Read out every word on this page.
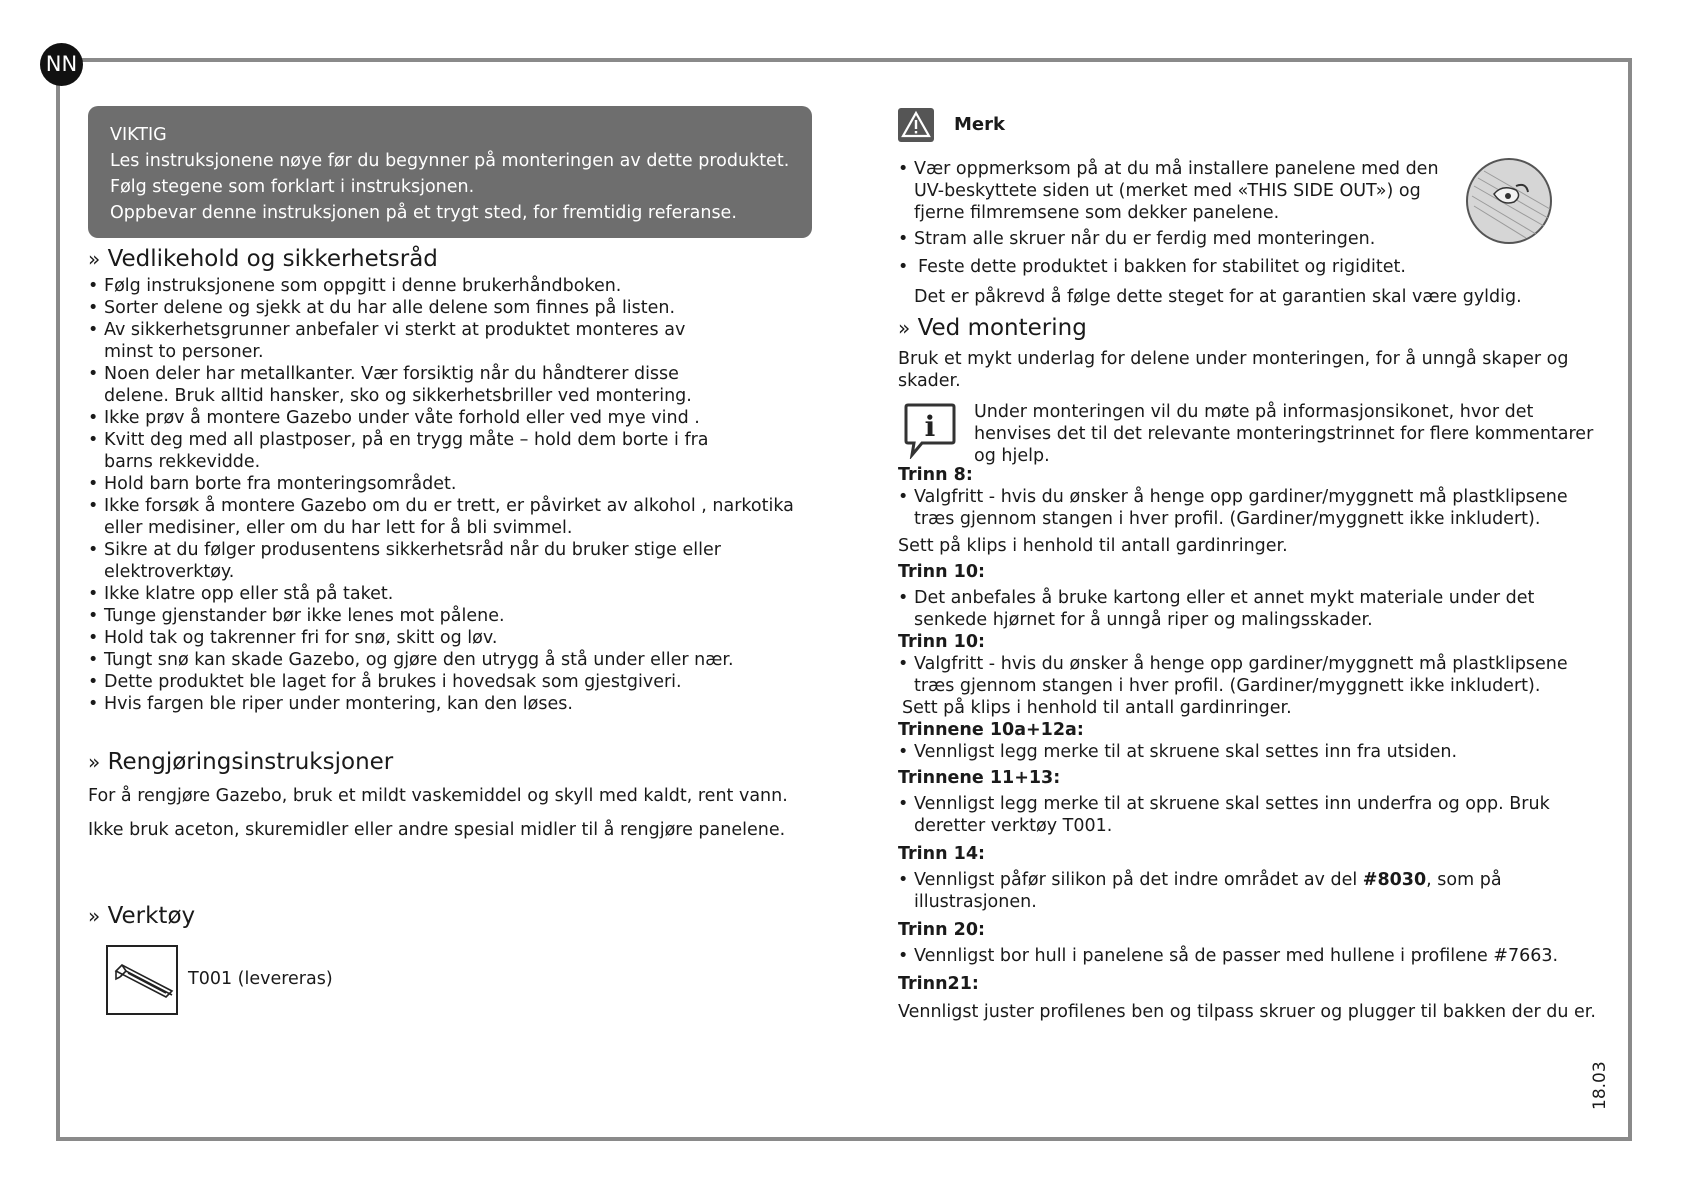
NN
VIKTIG
Les instruksjonene nøye før du begynner på monteringen av dette produktet.
Følg stegene som forklart i instruksjonen.
Oppbevar denne instruksjonen på et trygt sted, for fremtidig referanse.
» Vedlikehold og sikkerhetsråd
• Følg instruksjonene som oppgitt i denne brukerhåndboken.
• Sorter delene og sjekk at du har alle delene som finnes på listen.
• Av sikkerhetsgrunner anbefaler vi sterkt at produktet monteres av minst to personer.
• Noen deler har metallkanter. Vær forsiktig når du håndterer disse delene. Bruk alltid hansker, sko og sikkerhetsbriller ved montering.
• Ikke prøv å montere Gazebo under våte forhold eller ved mye vind .
• Kvitt deg med all plastposer, på en trygg måte – hold dem borte i fra barns rekkevidde.
• Hold barn borte fra monteringsområdet.
• Ikke forsøk å montere Gazebo om du er trett, er påvirket av alkohol , narkotika eller medisiner, eller om du har lett for å bli svimmel.
• Sikre at du følger produsentens sikkerhetsråd når du bruker stige eller elektroverktøy.
• Ikke klatre opp eller stå på taket.
• Tunge gjenstander bør ikke lenes mot pålene.
• Hold tak og takrenner fri for snø, skitt og løv.
• Tungt snø kan skade Gazebo, og gjøre den utrygg å stå under eller nær.
• Dette produktet ble laget for å brukes i hovedsak som gjestgiveri.
• Hvis fargen ble riper under montering, kan den løses.
» Rengjøringsinstruksjoner

For å rengjøre Gazebo, bruk et mildt vaskemiddel og skyll med kaldt, rent vann.

Ikke bruk aceton, skuremidler eller andre spesial midler til å rengjøre panelene.

» Verktøy
T001 (levereras)
Merk
• Vær oppmerksom på at du må installere panelene med den UV-beskyttete siden ut (merket med «THIS SIDE OUT») og fjerne filmremsene som dekker panelene.
• Stram alle skruer når du er ferdig med monteringen.
• Feste dette produktet i bakken for stabilitet og rigiditet.

Det er påkrevd å følge dette steget for at garantien skal være gyldig.

» Ved montering

Bruk et mykt underlag for delene under monteringen, for å unngå skaper og skader.

i Under monteringen vil du møte på informasjonsikonet, hvor det henvises det til det relevante monteringstrinnet for flere kommentarer og hjelp.

Trinn 8:
• Valgfritt - hvis du ønsker å henge opp gardiner/myggnett må plastklipsene træs gjennom stangen i hver profil. (Gardiner/myggnett ikke inkludert).

Sett på klips i henhold til antall gardinringer.

Trinn 10:
• Det anbefales å bruke kartong eller et annet mykt materiale under det senkede hjørnet for å unngå riper og malingsskader.
Trinn 10:
• Valgfritt - hvis du ønsker å henge opp gardiner/myggnett må plastklipsene træs gjennom stangen i hver profil. (Gardiner/myggnett ikke inkludert).

Sett på klips i henhold til antall gardinringer.

Trinnene 10a+12a:
• Vennligst legg merke til at skruene skal settes inn fra utsiden.
Trinnene 11+13:
• Vennligst legg merke til at skruene skal settes inn underfra og opp. Bruk deretter verktøy T001.
Trinn 14:
• Vennligst påfør silikon på det indre området av del #8030, som på illustrasjonen.
Trinn 20:
• Vennligst bor hull i panelene så de passer med hullene i profilene #7663.
Trinn21:

Vennligst juster profilenes ben og tilpass skruer og plugger til bakken der du er.

18.03
